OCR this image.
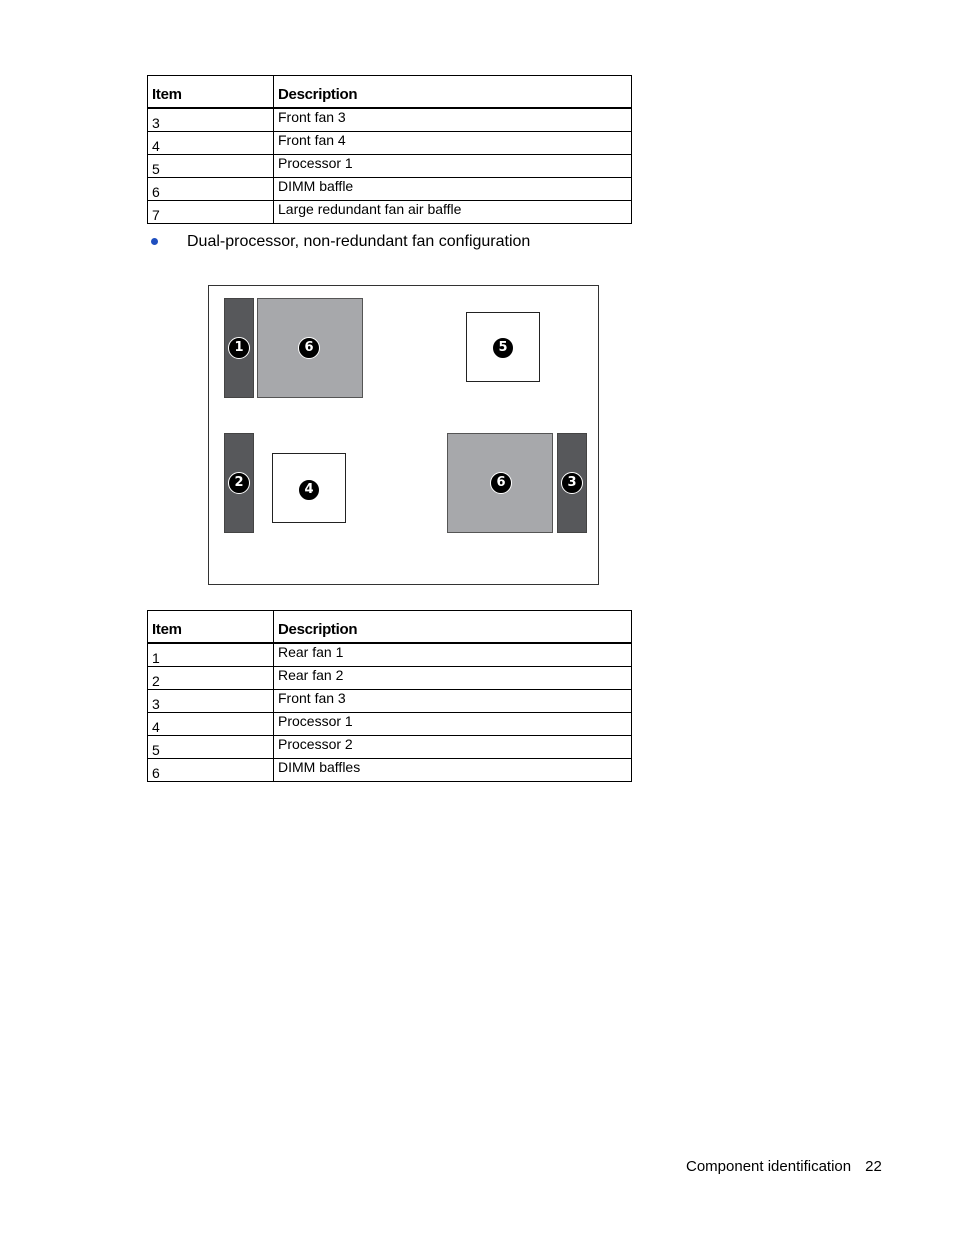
Item	Description
3	Front fan 3
4	Front fan 4
5	Processor 1
6	DIMM baffle
7	Large redundant fan air baffle
Dual-processor, non-redundant fan configuration
1	6	5
2	4	6	3
Item	Description
1	Rear fan 1
2	Rear fan 2
3	Front fan 3
4	Processor 1
5	Processor 2
6	DIMM baffles
Component identification 22
